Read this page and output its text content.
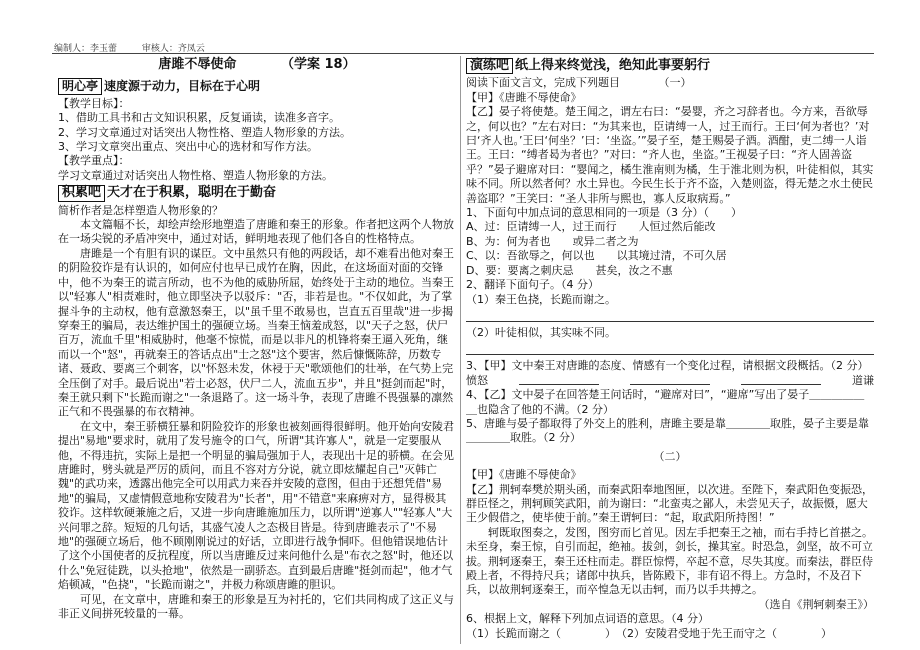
编制人：李玉蕾	审核人：齐凤云
唐雎不辱使命	（学案 18）
明心亭 速度源于动力，目标在于心明

【教学目标】：

1、借助工具书和古文知识积累，反复诵读，读准多音字。

2、学习文章通过对话突出人物性格、塑造人物形象的方法。

3、学习文章突出重点、突出中心的选材和写作方法。

【教学重点】：

学习文章通过对话突出人物性格、塑造人物形象的方法。

积累吧 天才在于积累，聪明在于勤奋

简析作者是怎样塑造人物形象的？

本文篇幅不长，却绘声绘形地塑造了唐雎和秦王的形象。作者把这两个人物放在一场尖锐的矛盾冲突中，通过对话，鲜明地表现了他们各自的性格特点。

唐雎是一个有胆有识的谋臣。文中虽然只有他的两段话，却不难看出他对秦王的阴险狡诈是有认识的，如何应付也早已成竹在胸，因此，在这场面对面的交锋中，他不为秦王的谎言所动，也不为他的威胁所屈，始终处于主动的地位。当秦王以"轻寡人"相责难时，他立即坚决予以驳斥："否，非若是也。"不仅如此，为了掌握斗争的主动权，他有意激怒秦王，以"虽千里不敢易也，岂直五百里哉"进一步揭穿秦王的骗局，表达维护国土的强硬立场。当秦王恼羞成怒，以"天子之怒，伏尸百万，流血千里"相威胁时，他毫不惊慌，而是以非凡的机锋将秦王逼入死角，继而以一个"怒"，再就秦王的答话点出"士之怒"这个要害，然后慷慨陈辞，历数专诸、聂政、要离三个刺客，以"怀怒未发，休祲于天"歌颂他们的壮举，在气势上完全压倒了对手。最后说出"若士必怒，伏尸二人，流血五步"，并且"挺剑而起"时，秦王就只剩下"长跪而谢之"一条退路了。这一场斗争，表现了唐雎不畏强暴的凛然正气和不畏强暴的布衣精神。

在文中，秦王骄横狂暴和阴险狡诈的形象也被刻画得很鲜明。他开始向安陵君提出"易地"要求时，就用了发号施令的口气，所谓"其许寡人"，就是一定要服从他，不得违抗，实际上是把一个明显的骗局强加于人，表现出十足的骄横。在会见唐雎时，劈头就是严厉的质问，而且不容对方分说，就立即炫耀起自己"灭韩亡魏"的武功来，透露出他完全可以用武力来吞并安陵的意图，但由于还想凭借"易地"的骗局，又虚情假意地称安陵君为"长者"，用"不错意"来麻痹对方，显得极其狡诈。这样软硬兼施之后，又进一步向唐雎施加压力，以所谓"逆寡人""轻寡人"大兴问罪之辞。短短的几句话，其盛气凌人之态极目皆是。待到唐雎表示了"不易地"的强硬立场后，他不顾刚刚说过的好话，立即进行战争恫吓。但他错误地估计了这个小国使者的反抗程度，所以当唐雎反过来问他什么是"布衣之怒"时，他还以什么"免冠徒跣，以头抢地"，依然是一副骄态。直到最后唐雎"挺剑而起"，他才气焰顿减，"色挠"，"长跪而谢之"，并极力称颂唐雎的胆识。

可见，在文章中，唐雎和秦王的形象是互为衬托的，它们共同构成了这正义与非正义间拼死较量的一幕。

演练吧 纸上得来终觉浅，绝知此事要躬行

阅读下面文言文，完成下列题目　　　　	（一）

【甲】《唐雎不辱使命》

【乙】晏子将使楚。楚王闻之，谓左右曰：“晏婴，齐之习辞者也。今方来，吾欲辱之，何以也？”左右对曰：“为其来也，臣请缚一人，过王而行。王曰‘何为者也？’对曰‘齐人也。’王曰‘何坐？’曰：‘坐盗。’”晏子至，楚王赐晏子酒。酒酣，吏二缚一人诣王。王曰：“缚者曷为者也？”对曰：“齐人也，坐盗。”王视晏子曰：“齐人固善盗乎？”晏子避席对曰：“婴闻之，橘生淮南则为橘，生于淮北则为枳，叶徒相似，其实味不同。所以然者何？水土异也。今民生长于齐不盗，入楚则盗，得无楚之水土使民善盗耶？”王笑曰：“圣人非所与熙也，寡人反取病焉。”

1、下面句中加点词的意思相同的一项是（3 分）（　　）

A、过：臣请缚一人，过王而行　　人恒过然后能改

B、为：何为者也　　或异二者之为

C、以：吾欲辱之，何以也　　以其境过清，不可久居

D、要：要离之刺庆忌　　甚矣，汝之不惠

2、翻译下面句子。（4 分）

（1）秦王色挠，长跪而谢之。

（2）叶徒相似，其实味不同。

3、【甲】文中秦王对唐雎的态度、情感有一个变化过程，请根据文段概括。（2 分）

愤怒	道谦

4、【乙】文中晏子在回答楚王问话时，“避席对曰”，“避席”写出了晏子＿＿＿＿＿＿也隐含了他的不满。（2 分）

5、唐雎与晏子都取得了外交上的胜利，唐雎主要是靠＿＿＿＿取胜，晏子主要是靠＿＿＿＿取胜。（2 分）

（二）

【甲】《唐雎不辱使命》

【乙】荆轲奉樊於期头函，而秦武阳奉地图匣，以次进。至陛下，秦武阳色变振恐，群臣怪之，荆轲顾笑武阳，前为谢曰：“北蛮夷之鄙人，未尝见天子，故振慑，愿大王少假借之，使毕使于前。”秦王谓轲曰：“起，取武阳所持图！”

轲既取图奏之，发图，图穷而匕首见。因左手把秦王之袖，而右手持匕首揕之。未至身，秦王惊，自引而起，绝袖。拔剑，剑长，操其室。时恐急，剑坚，故不可立拔。荆轲逐秦王，秦王还柱而走。群臣惊愕，卒起不意，尽失其度。而秦法，群臣侍殿上者，不得持尺兵；诸郎中执兵，皆陈殿下，非有诏不得上。方急时，不及召下兵，以故荆轲逐秦王，而卒惶急无以击轲，而乃以手共搏之。

（选自《荆轲刺秦王》）

6、根据上文，解释下列加点词语的意思。（4 分）

（1）长跪而谢之（　　　　）　 （2）安陵君受地于先王而守之（　　　　）
